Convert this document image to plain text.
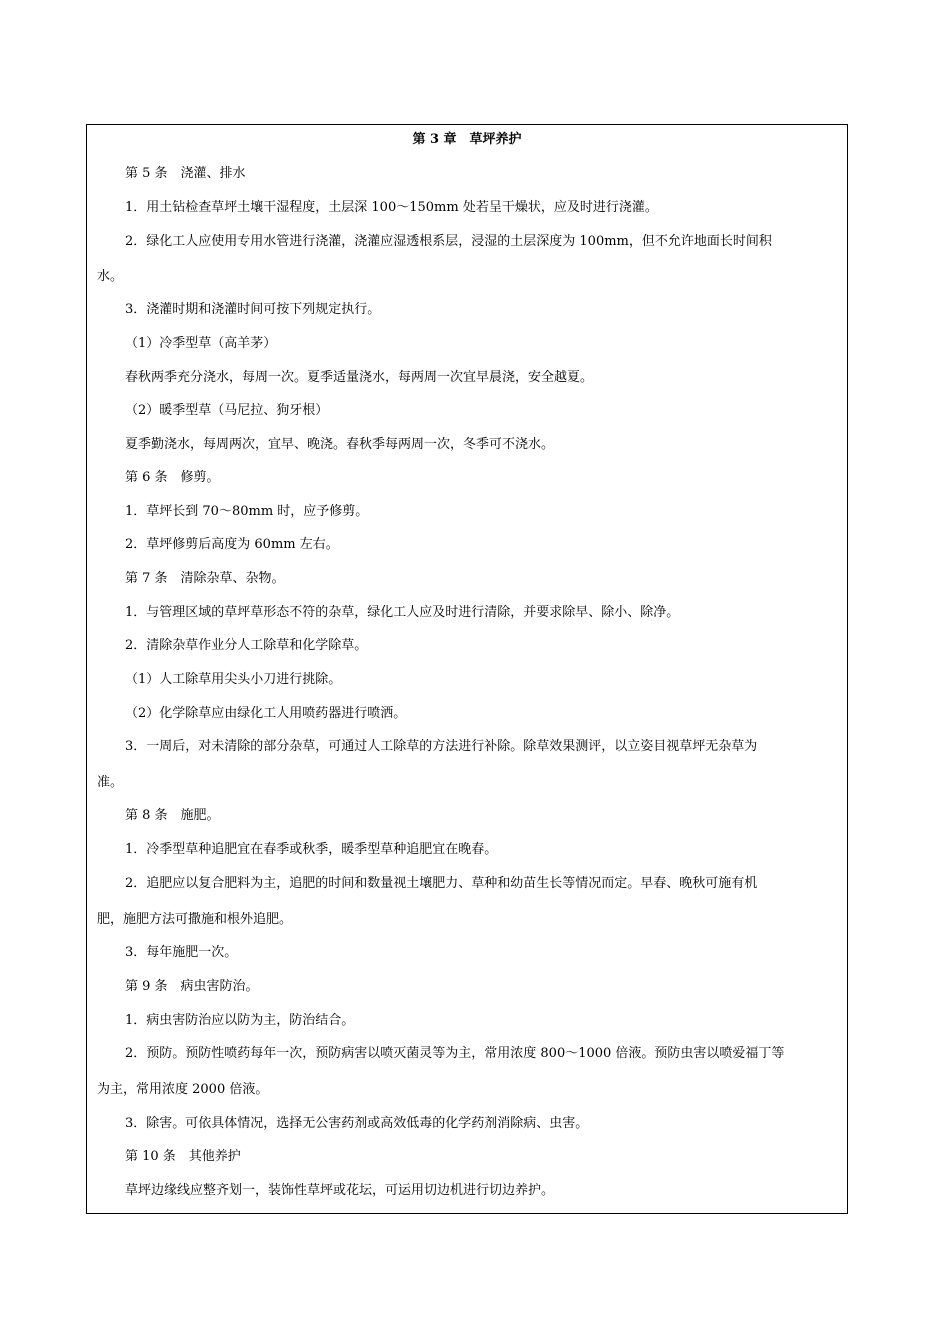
第 3 章　草坪养护
第 5 条　浇灌、排水
1．用土钻检查草坪土壤干湿程度，土层深 100～150mm 处若呈干燥状，应及时进行浇灌。
2．绿化工人应使用专用水管进行浇灌，浇灌应湿透根系层，浸湿的土层深度为 100mm，但不允许地面长时间积
水。
3．浇灌时期和浇灌时间可按下列规定执行。
（1）冷季型草（高羊茅）
春秋两季充分浇水，每周一次。夏季适量浇水，每两周一次宜早晨浇，安全越夏。
（2）暖季型草（马尼拉、狗牙根）
夏季勤浇水，每周两次，宜早、晚浇。春秋季每两周一次，冬季可不浇水。
第 6 条　修剪。
1．草坪长到 70～80mm 时，应予修剪。
2．草坪修剪后高度为 60mm 左右。
第 7 条　清除杂草、杂物。
1．与管理区域的草坪草形态不符的杂草，绿化工人应及时进行清除，并要求除早、除小、除净。
2．清除杂草作业分人工除草和化学除草。
（1）人工除草用尖头小刀进行挑除。
（2）化学除草应由绿化工人用喷药器进行喷洒。
3．一周后，对未清除的部分杂草，可通过人工除草的方法进行补除。除草效果测评，以立姿目视草坪无杂草为
准。
第 8 条　施肥。
1．冷季型草种追肥宜在春季或秋季，暖季型草种追肥宜在晚春。
2．追肥应以复合肥料为主，追肥的时间和数量视土壤肥力、草种和幼苗生长等情况而定。早春、晚秋可施有机
肥，施肥方法可撒施和根外追肥。
3．每年施肥一次。
第 9 条　病虫害防治。
1．病虫害防治应以防为主，防治结合。
2．预防。预防性喷药每年一次，预防病害以喷灭菌灵等为主，常用浓度 800～1000 倍液。预防虫害以喷爱福丁等
为主，常用浓度 2000 倍液。
3．除害。可依具体情况，选择无公害药剂或高效低毒的化学药剂消除病、虫害。
第 10 条　其他养护
草坪边缘线应整齐划一，装饰性草坪或花坛，可运用切边机进行切边养护。
